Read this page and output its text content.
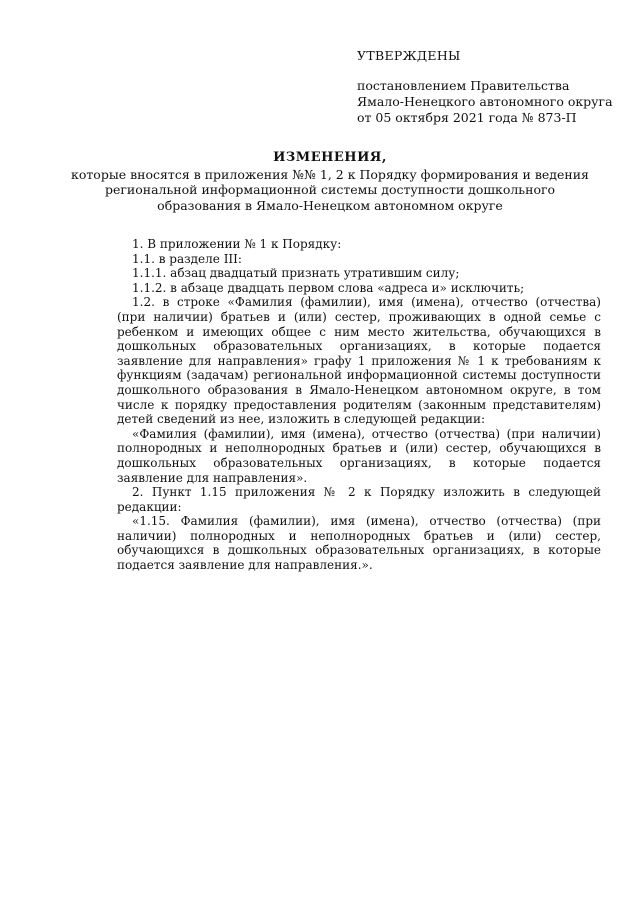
УТВЕРЖДЕНЫ
постановлением Правительства
Ямало-Ненецкого автономного округа
от 05 октября 2021 года № 873-П
ИЗМЕНЕНИЯ,
которые вносятся в приложения №№ 1, 2 к Порядку формирования и ведения
региональной информационной системы доступности дошкольного
образования в Ямало-Ненецком автономном округе

1. В приложении № 1 к Порядку:

1.1. в разделе III:

1.1.1. абзац двадцатый признать утратившим силу;

1.1.2. в абзаце двадцать первом слова «адреса и» исключить;

1.2. в строке «Фамилия (фамилии), имя (имена), отчество (отчества) (при наличии) братьев и (или) сестер, проживающих в одной семье с ребенком и имеющих общее с ним место жительства, обучающихся в дошкольных образовательных организациях, в которые подается заявление для направления» графу 1 приложения № 1 к требованиям к функциям (задачам) региональной информационной системы доступности дошкольного образования в Ямало-Ненецком автономном округе, в том числе к порядку предоставления родителям (законным представителям) детей сведений из нее, изложить в следующей редакции:

«Фамилия (фамилии), имя (имена), отчество (отчества) (при наличии) полнородных и неполнородных братьев и (или) сестер, обучающихся в дошкольных образовательных организациях, в которые подается заявление для направления».

2. Пункт 1.15 приложения № 2 к Порядку изложить в следующей редакции:

«1.15. Фамилия (фамилии), имя (имена), отчество (отчества) (при наличии) полнородных и неполнородных братьев и (или) сестер, обучающихся в дошкольных образовательных организациях, в которые подается заявление для направления.».
